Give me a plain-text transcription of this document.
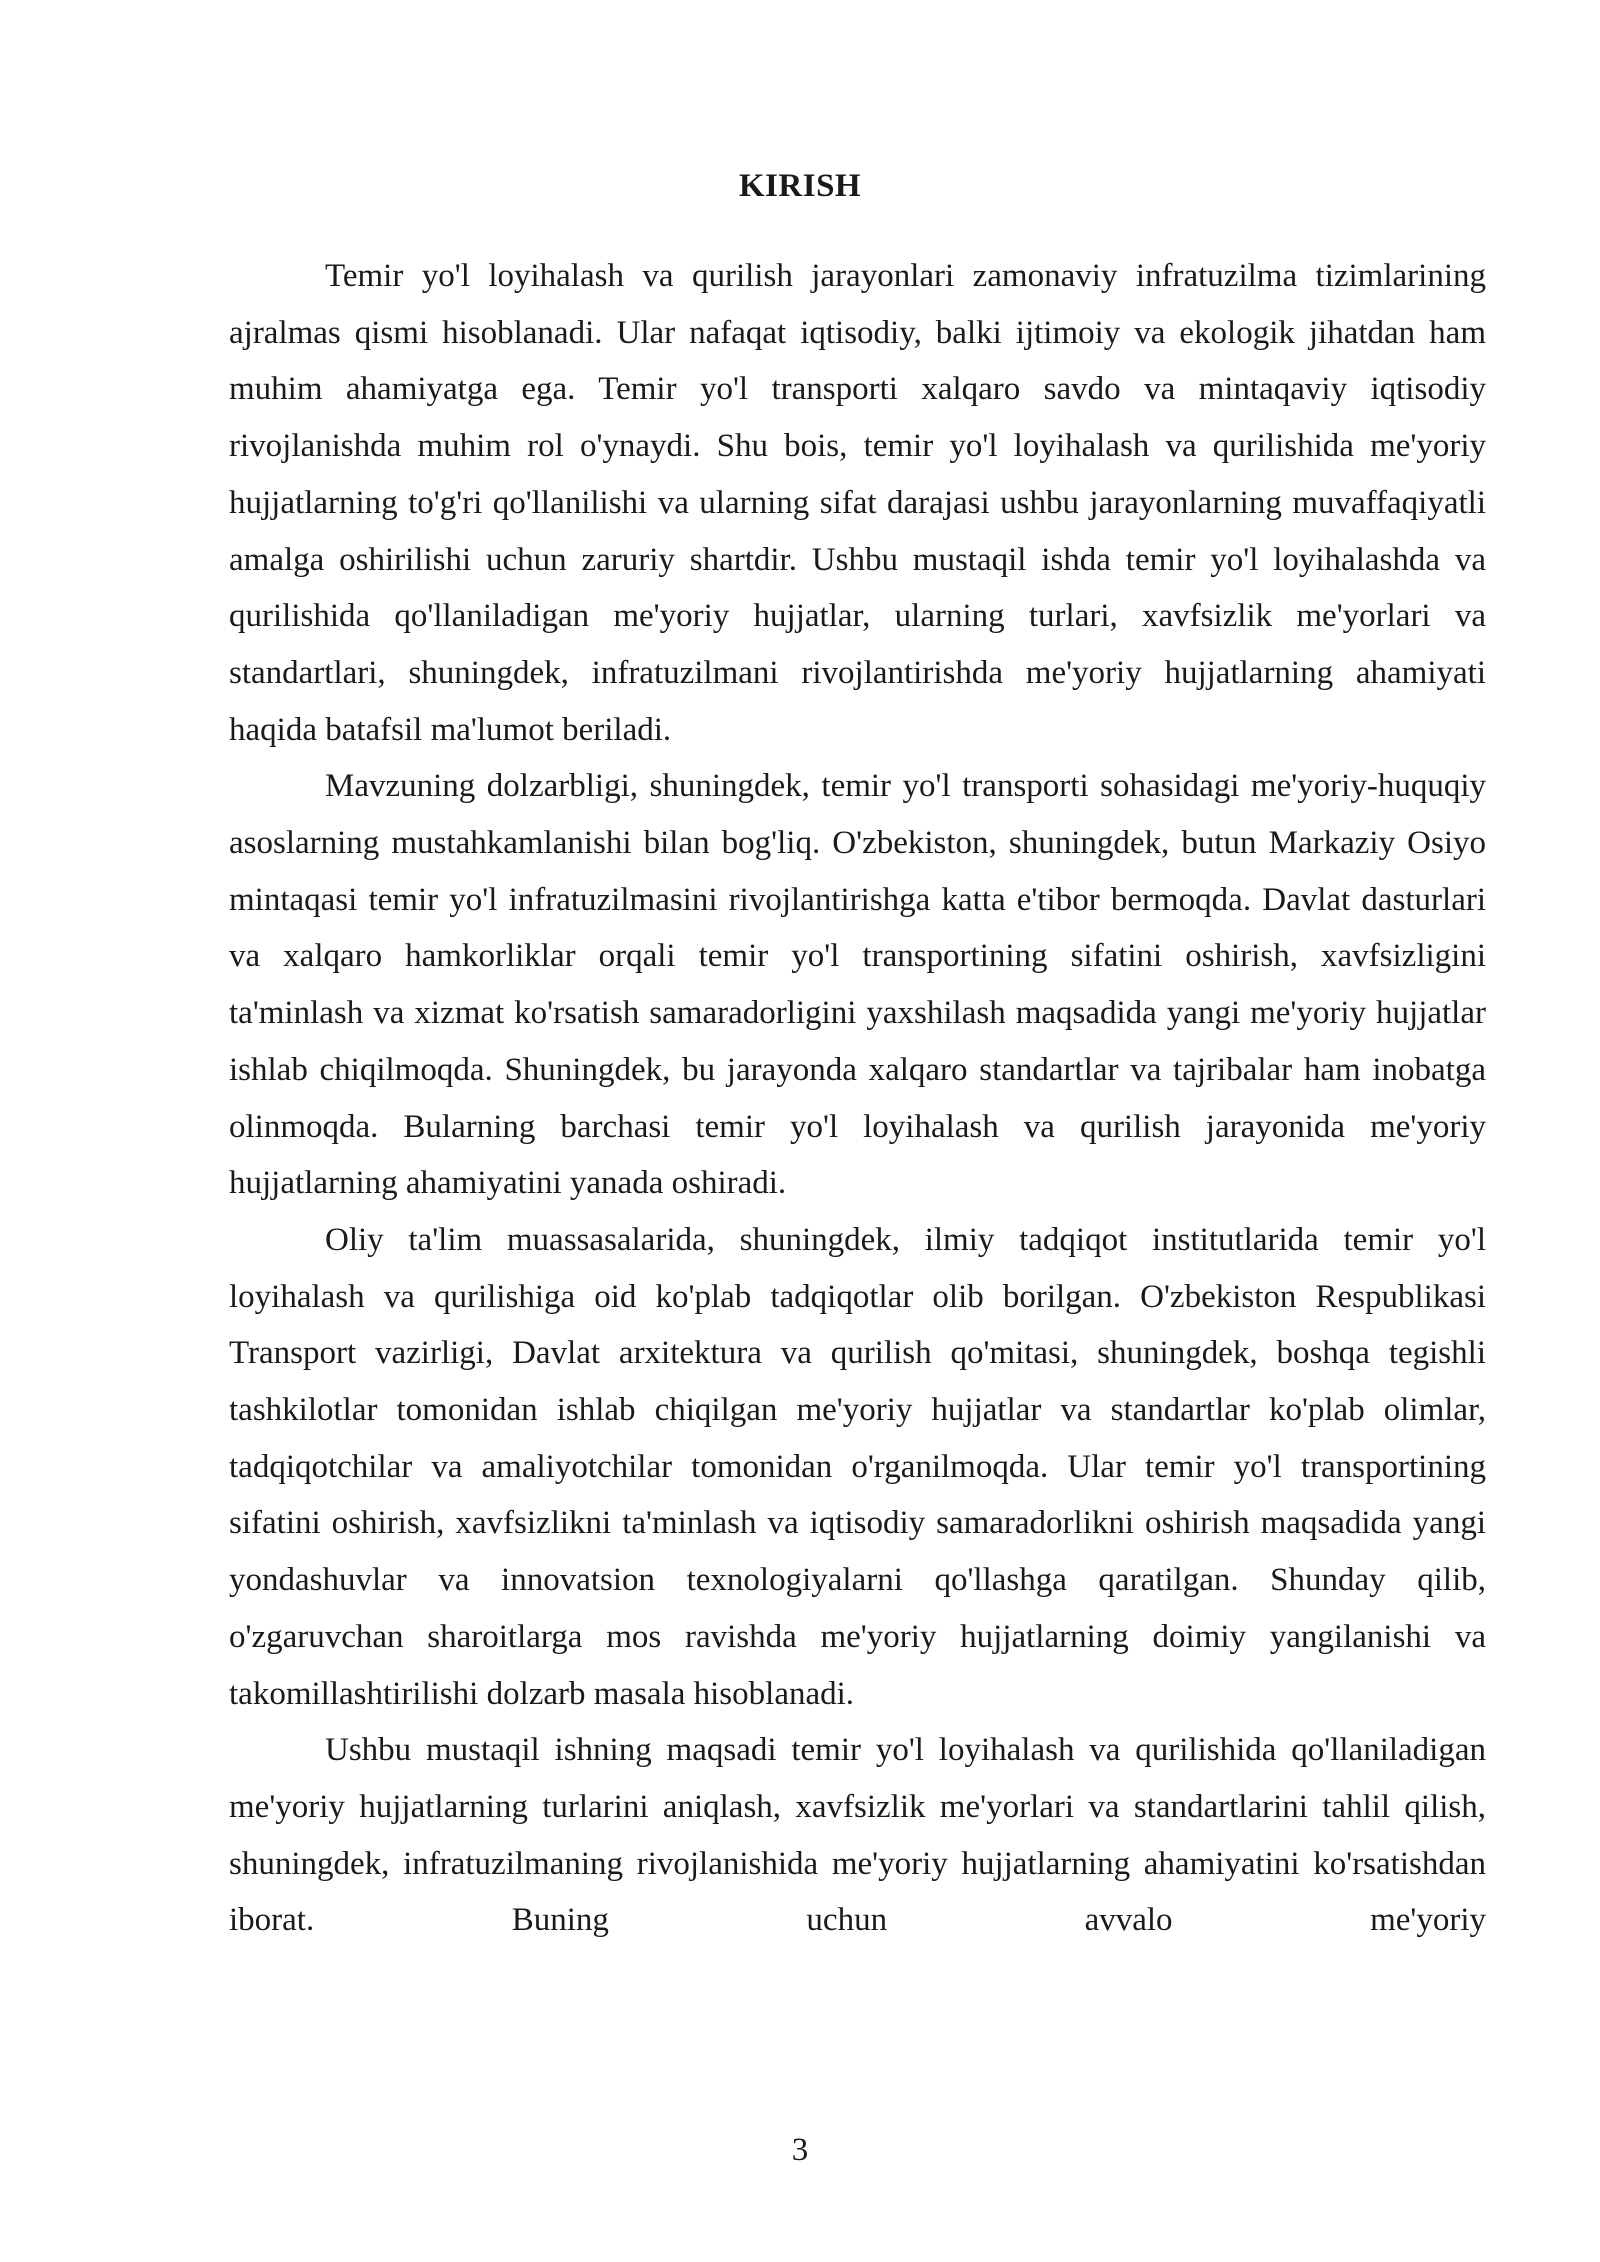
KIRISH

Temir yo'l loyihalash va qurilish jarayonlari zamonaviy infratuzilma tizimlarining ajralmas qismi hisoblanadi. Ular nafaqat iqtisodiy, balki ijtimoiy va ekologik jihatdan ham muhim ahamiyatga ega. Temir yo'l transporti xalqaro savdo va mintaqaviy iqtisodiy rivojlanishda muhim rol o'ynaydi. Shu bois, temir yo'l loyihalash va qurilishida me'yoriy hujjatlarning to'g'ri qo'llanilishi va ularning sifat darajasi ushbu jarayonlarning muvaffaqiyatli amalga oshirilishi uchun zaruriy shartdir. Ushbu mustaqil ishda temir yo'l loyihalashda va qurilishida qo'llaniladigan me'yoriy hujjatlar, ularning turlari, xavfsizlik me'yorlari va standartlari, shuningdek, infratuzilmani rivojlantirishda me'yoriy hujjatlarning ahamiyati haqida batafsil ma'lumot beriladi.

Mavzuning dolzarbligi, shuningdek, temir yo'l transporti sohasidagi me'yoriy-huquqiy asoslarning mustahkamlanishi bilan bog'liq. O'zbekiston, shuningdek, butun Markaziy Osiyo mintaqasi temir yo'l infratuzilmasini rivojlantirishga katta e'tibor bermoqda. Davlat dasturlari va xalqaro hamkorliklar orqali temir yo'l transportining sifatini oshirish, xavfsizligini ta'minlash va xizmat ko'rsatish samaradorligini yaxshilash maqsadida yangi me'yoriy hujjatlar ishlab chiqilmoqda. Shuningdek, bu jarayonda xalqaro standartlar va tajribalar ham inobatga olinmoqda. Bularning barchasi temir yo'l loyihalash va qurilish jarayonida me'yoriy hujjatlarning ahamiyatini yanada oshiradi.

Oliy ta'lim muassasalarida, shuningdek, ilmiy tadqiqot institutlarida temir yo'l loyihalash va qurilishiga oid ko'plab tadqiqotlar olib borilgan. O'zbekiston Respublikasi Transport vazirligi, Davlat arxitektura va qurilish qo'mitasi, shuningdek, boshqa tegishli tashkilotlar tomonidan ishlab chiqilgan me'yoriy hujjatlar va standartlar ko'plab olimlar, tadqiqotchilar va amaliyotchilar tomonidan o'rganilmoqda. Ular temir yo'l transportining sifatini oshirish, xavfsizlikni ta'minlash va iqtisodiy samaradorlikni oshirish maqsadida yangi yondashuvlar va innovatsion texnologiyalarni qo'llashga qaratilgan. Shunday qilib, o'zgaruvchan sharoitlarga mos ravishda me'yoriy hujjatlarning doimiy yangilanishi va takomillashtirilishi dolzarb masala hisoblanadi.

Ushbu mustaqil ishning maqsadi temir yo'l loyihalash va qurilishida qo'llaniladigan me'yoriy hujjatlarning turlarini aniqlash, xavfsizlik me'yorlari va standartlarini tahlil qilish, shuningdek, infratuzilmaning rivojlanishida me'yoriy hujjatlarning ahamiyatini ko'rsatishdan iborat. Buning uchun avvalo me'yoriy

3
